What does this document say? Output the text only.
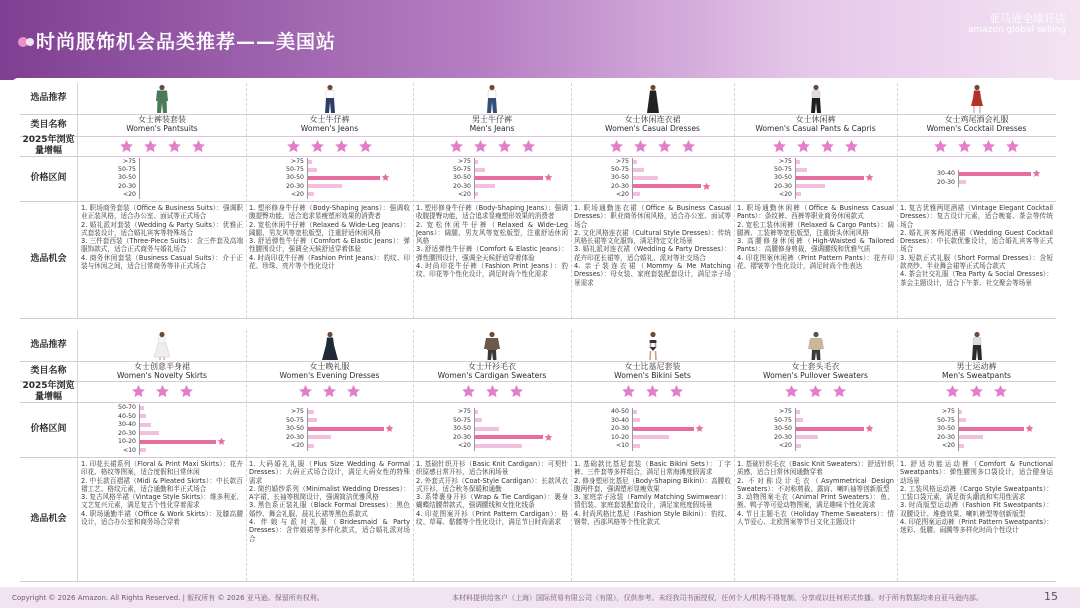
时尚服饰机会品类推荐——美国站
亚马逊全球开店
amazon global selling
选品推荐
类目名称
2025年浏览量增幅
价格区间
选品机会
女士裤装套装
Women's Pantsuits
>75
50-75
30-50
20-30
<20
1. 职场商务套装（Office & Business Suits）：强调职业正装风格，适合办公室、面试等正式场合
2. 婚礼派对套装（Wedding & Party Suits）：优雅正式套装设计，适合婚礼宾客等特殊场合
3. 三件套西装（Three-Piece Suits）：含三件套及高端服饰款式，适合正式商务与婚礼场合
4. 商务休闲套装（Business Casual Suits）：介于正装与休闲之间，适合日常商务等非正式场合
女士牛仔裤
Women's Jeans
>75
50-75
30-50
20-30
<20
1. 塑形修身牛仔裤（Body-Shaping Jeans）：强调收腹提臀功能，适合追求显瘦塑形效果的消费者
2. 宽松休闲牛仔裤（Relaxed & Wide-Leg Jeans）：阔腿、男友风等宽松版型，注重舒适休闲风格
3. 舒适弹性牛仔裤（Comfort & Elastic Jeans）：弹性腰围设计，强调全天候舒适穿着体验
4. 时尚印花牛仔裤（Fashion Print Jeans）：豹纹、印花、珍珠、亮片等个性化设计
男士牛仔裤
Men's Jeans
>75
50-75
30-50
20-30
<20
1. 塑形修身牛仔裤（Body-Shaping Jeans）：强调收腹提臀功能，适合追求显瘦塑形效果的消费者
2. 宽松休闲牛仔裤（Relaxed & Wide-Leg Jeans）：阔腿、男友风等宽松版型，注重舒适休闲风格
3. 舒适弹性牛仔裤（Comfort & Elastic Jeans）：弹性腰围设计，强调全天候舒适穿着体验
4. 时尚印花牛仔裤（Fashion Print Jeans）：豹纹、印花等个性化设计，满足时尚个性化需求
女士休闲连衣裙
Women's Casual Dresses
>75
50-75
30-50
20-30
<20
1. 职场通勤连衣裙（Office & Business Casual Dresses）：职业商务休闲风格，适合办公室、面试等场合
2. 文化风格连衣裙（Cultural Style Dresses）：传统风格长裙等文化服饰，满足特定文化场景
3. 婚礼派对连衣裙（Wedding & Party Dresses）：花卉印花长裙等，适合婚礼、派对等社交场合
4. 亲子装连衣裙（Mommy & Me Matching Dresses）：母女装、家庭套装配套设计，满足亲子场景需求
女士休闲裤
Women's Casual Pants & Capris
>75
50-75
30-50
20-30
<20
1. 职场通勤休闲裤（Office & Business Casual Pants）：条纹裤、西裤等职业商务休闲款式
2. 宽松工装休闲裤（Relaxed & Cargo Pants）：阔腿裤、工装裤等宽松版型，注重街头休闲风格
3. 高腰修身休闲裤（High-Waisted & Tailored Pants）：高腰修身剪裁，强调腰线和优雅气质
4. 印花图案休闲裤（Print Pattern Pants）：花卉印花、褶皱等个性化设计，满足时尚个性表达
女士鸡尾酒会礼服
Women's Cocktail Dresses
30-40
20-30
1. 复古优雅两尾酒裙（Vintage Elegant Cocktail Dresses）：复古设计元素，适合晚宴、茶会等传统场合
2. 婚礼宾客两尾酒裙（Wedding Guest Cocktail Dresses）：中长款优雅设计，适合婚礼宾客等正式场合
3. 短款正式礼服（Short Formal Dresses）：含短款亮纱、半业舞会裙等正式场合款式
4. 茶会社交礼服（Tea Party & Social Dresses）：茶会主题设计，适合下午茶、社交聚会等场景
选品推荐
类目名称
2025年浏览量增幅
价格区间
选品机会
女士创意半身裙
Women's Novelty Skirts
50-70
40-50
30-40
20-30
10-20
<10
1. 印花长裙系列（Floral & Print Maxi Skirts）：花卉印花、格纹等图案，适合度假和日常休闲
2. 中长款百褶裙（Midi & Pleated Skirts）：中长款百褶工艺、格纹元素，适合通勤和半正式场合
3. 复古风格半裙（Vintage Style Skirts）：维多利亚、文艺复兴元素，满足复古个性化穿着需求
4. 职场通勤半裙（Office & Work Skirts）：及膝高腰设计，适合办公室和商务场合穿着
女士晚礼服
Women's Evening Dresses
>75
50-75
30-50
20-30
<20
1. 大码婚礼礼服（Plus Size Wedding & Formal Dresses）：大码正式场合设计，满足大码女性的特殊需求
2. 简约婚纱系列（Minimalist Wedding Dresses）：A字裙、长袖等极简设计，强调简洁优雅风格
3. 黑色系正装礼服（Black Formal Dresses）：黑色婚纱、舞会礼服、晨礼长裙等黑色系款式
4. 伴娘与派对礼服（Bridesmaid & Party Dresses）：含伴娘裙等多样化款式，适合婚礼派对场合
女士开衫毛衣
Women's Cardigan Sweaters
>75
50-75
30-50
20-30
<20
1. 基础针织开衫（Basic Knit Cardigan）：可契针织原感日常开衫，适合休闲场景
2. 外套式开衫（Coat-Style Cardigan）：长款风衣式开衫，适合秋冬保暖和通勤
3. 系带裹身开衫（Wrap & Tie Cardigan）：裹身蝴蝶结腰带款式，强调腰线和女性化线条
4. 印花图案开衫（Print Pattern Cardigan）：格纹、草莓、骷髅等个性化设计，满足节日时尚需求
女士比基尼套装
Women's Bikini Sets
40-50
30-40
20-30
10-20
<10
1. 基础款比基尼套装（Basic Bikini Sets）：丁字裤、三件套等多样组合，满足日常海滩度假需求
2. 修身塑形比基尼（Body-Shaping Bikini）：高腰收腹两件套，强调塑形显瘦效果
3. 家庭亲子泳装（Family Matching Swimwear）：情侣装、家庭套装配套设计，满足家庭度假场景
4. 时尚风格比基尼（Fashion Style Bikini）：豹纹、钢带、西部风格等个性化款式
女士套头毛衣
Women's Pullover Sweaters
>75
50-75
30-50
20-30
<20
1. 基础针织毛衣（Basic Knit Sweaters）：舒适针织质感，适合日常休闲通勤穿着
2. 不对称设计毛衣（Asymmetrical Design Sweaters）：不对称剪裁、露肩、喇叭袖等创新版型
3. 动物图案毛衣（Animal Print Sweaters）：鱼、熊、鸭子等可爱动物图案，满足趣味个性化需求
4. 节日主题毛衣（Holiday Theme Sweaters）：情人节爱心、北欧图案等节日文化主题设计
男士运动裤
Men's Sweatpants
>75
50-75
30-50
20-30
<20
1. 舒适功能运动裤（Comfort & Functional Sweatpants）：弹性腰围多口袋设计，适合健身运动场景
2. 工装风格运动裤（Cargo Style Sweatpants）：工装口袋元素，满足街头潮流和实用性需求
3. 时尚版型运动裤（Fashion Fit Sweatpants）：双腰设计、堆叠效果、喇叭裤型等创新版型
4. 印花图案运动裤（Print Pattern Sweatpants）：迷彩、低腰、闹腾等多样化时尚个性设计
Copyright © 2026 Amazon. All Rights Reserved. | 版权所有 © 2026 亚马逊。保留所有权利。	本材料提供给客户（上海）国际贸易有限公司（有限），仅供参考。未经我司书面授权，任何个人/机构不得复制、分享或以任何形式传播。对于所有数据均来自亚马逊内部。	15
